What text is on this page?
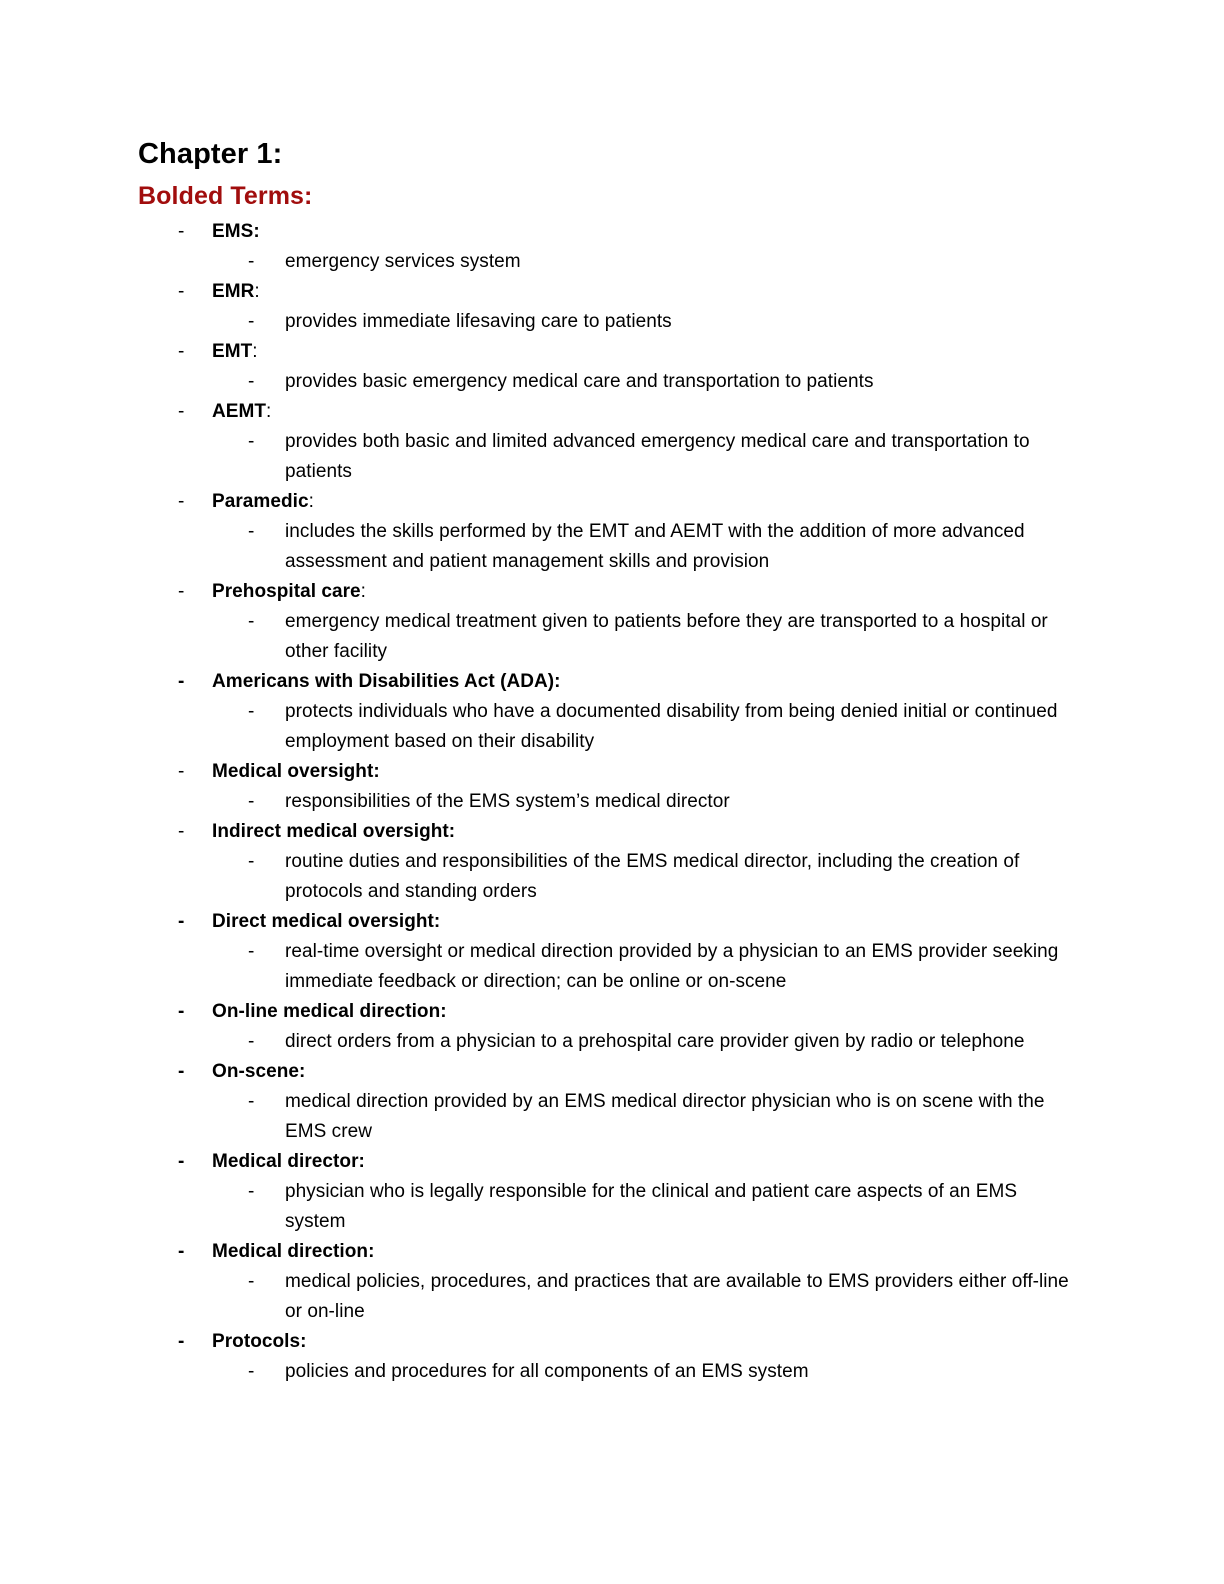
Chapter 1:
Bolded Terms:
- EMS:
- emergency services system
- EMR:
- provides immediate lifesaving care to patients
- EMT:
- provides basic emergency medical care and transportation to patients
- AEMT:
- provides both basic and limited advanced emergency medical care and transportation to patients
- Paramedic:
- includes the skills performed by the EMT and AEMT with the addition of more advanced assessment and patient management skills and provision
- Prehospital care:
- emergency medical treatment given to patients before they are transported to a hospital or other facility
- Americans with Disabilities Act (ADA):
- protects individuals who have a documented disability from being denied initial or continued employment based on their disability
- Medical oversight:
- responsibilities of the EMS system’s medical director
- Indirect medical oversight:
- routine duties and responsibilities of the EMS medical director, including the creation of protocols and standing orders
- Direct medical oversight:
- real-time oversight or medical direction provided by a physician to an EMS provider seeking immediate feedback or direction; can be online or on-scene
- On-line medical direction:
- direct orders from a physician to a prehospital care provider given by radio or telephone
- On-scene:
- medical direction provided by an EMS medical director physician who is on scene with the EMS crew
- Medical director:
- physician who is legally responsible for the clinical and patient care aspects of an EMS system
- Medical direction:
- medical policies, procedures, and practices that are available to EMS providers either off-line or on-line
- Protocols:
- policies and procedures for all components of an EMS system
